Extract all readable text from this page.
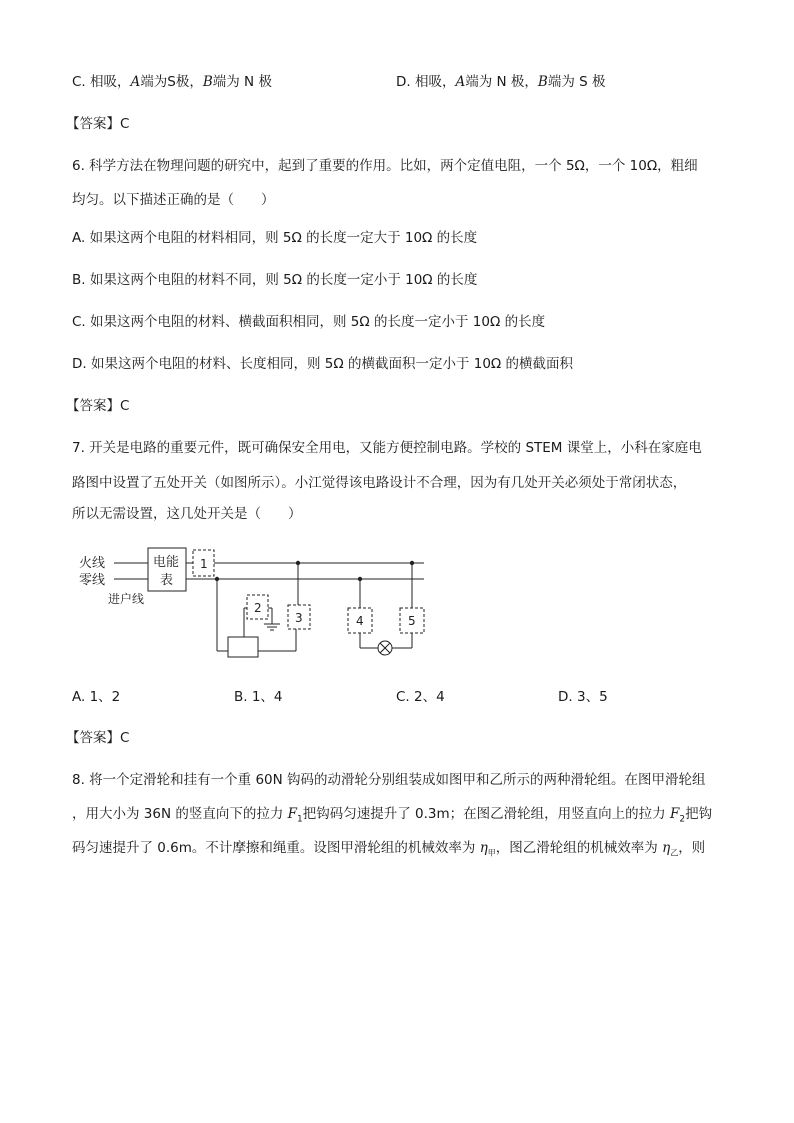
C. 相吸，A端为S极，B端为 N 极	D. 相吸，A端为 N 极，B端为 S 极
【答案】C
6. 科学方法在物理问题的研究中，起到了重要的作用。比如，两个定值电阻，一个 5Ω，一个 10Ω，粗细
均匀。以下描述正确的是（　　）
A. 如果这两个电阻的材料相同，则 5Ω 的长度一定大于 10Ω 的长度
B. 如果这两个电阻的材料不同，则 5Ω 的长度一定小于 10Ω 的长度
C. 如果这两个电阻的材料、横截面积相同，则 5Ω 的长度一定小于 10Ω 的长度
D. 如果这两个电阻的材料、长度相同，则 5Ω 的横截面积一定小于 10Ω 的横截面积
【答案】C
7. 开关是电路的重要元件，既可确保安全用电，又能方便控制电路。学校的 STEM 课堂上，小科在家庭电
路图中设置了五处开关（如图所示）。小江觉得该电路设计不合理，因为有几处开关必须处于常闭状态，
所以无需设置，这几处开关是（　　）
火线
零线
电能
表
进户线
1
2
3	4	5
A. 1、2	B. 1、4	C. 2、4	D. 3、5
【答案】C
8. 将一个定滑轮和挂有一个重 60N 钩码的动滑轮分别组装成如图甲和乙所示的两种滑轮组。在图甲滑轮组
，用大小为 36N 的竖直向下的拉力 $F_1$把钩码匀速提升了 0.3m；在图乙滑轮组，用竖直向上的拉力 $F_2$把钩
码匀速提升了 0.6m。不计摩擦和绳重。设图甲滑轮组的机械效率为 $\eta_甲$，图乙滑轮组的机械效率为 $\eta_乙$，则
